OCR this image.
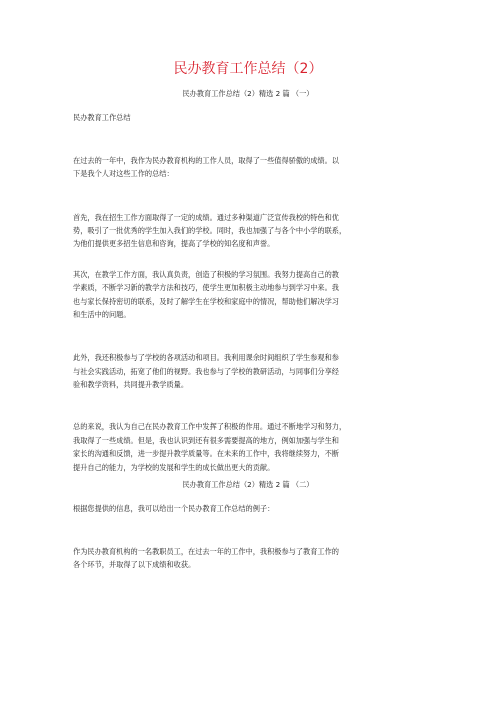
民办教育工作总结（2）
民办教育工作总结（2）精选 2 篇 （一）
民办教育工作总结
在过去的一年中，我作为民办教育机构的工作人员，取得了一些值得骄傲的成绩。以
下是我个人对这些工作的总结：
首先，我在招生工作方面取得了一定的成绩。通过多种渠道广泛宣传我校的特色和优
势，吸引了一批优秀的学生加入我们的学校。同时，我也加强了与各个中小学的联系，
为他们提供更多招生信息和咨询，提高了学校的知名度和声誉。
其次，在教学工作方面，我认真负责，创造了积极的学习氛围。我努力提高自己的教
学素质，不断学习新的教学方法和技巧，使学生更加积极主动地参与到学习中来。我
也与家长保持密切的联系，及时了解学生在学校和家庭中的情况，帮助他们解决学习
和生活中的问题。
此外，我还积极参与了学校的各项活动和项目。我利用课余时间组织了学生参观和参
与社会实践活动，拓宽了他们的视野。我也参与了学校的教研活动，与同事们分享经
验和教学资料，共同提升教学质量。
总的来说，我认为自己在民办教育工作中发挥了积极的作用。通过不断地学习和努力，
我取得了一些成绩。但是，我也认识到还有很多需要提高的地方，例如加强与学生和
家长的沟通和反馈，进一步提升教学质量等。在未来的工作中，我将继续努力，不断
提升自己的能力，为学校的发展和学生的成长做出更大的贡献。
民办教育工作总结（2）精选 2 篇 （二）
根据您提供的信息，我可以给出一个民办教育工作总结的例子：
作为民办教育机构的一名教职员工，在过去一年的工作中，我积极参与了教育工作的
各个环节，并取得了以下成绩和收获。
